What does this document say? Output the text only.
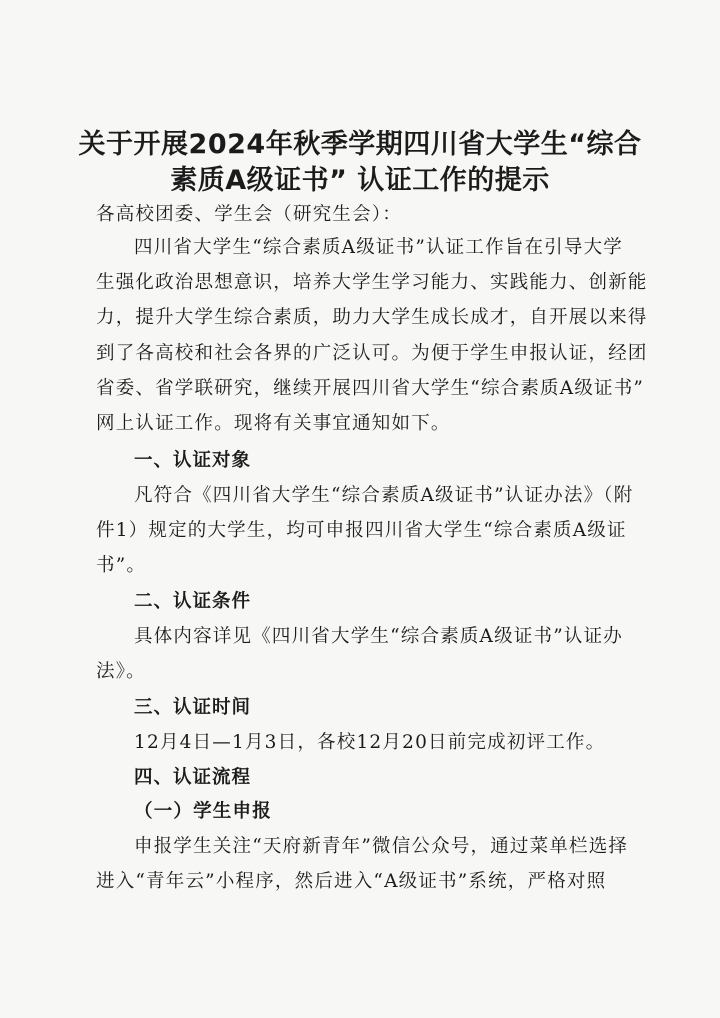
关于开展2024年秋季学期四川省大学生“综合
素质A级证书” 认证工作的提示
各高校团委、学生会（研究生会）：
四川省大学生“综合素质A级证书”认证工作旨在引导大学
生强化政治思想意识，培养大学生学习能力、实践能力、创新能
力，提升大学生综合素质，助力大学生成长成才，自开展以来得
到了各高校和社会各界的广泛认可。为便于学生申报认证，经团
省委、省学联研究，继续开展四川省大学生“综合素质A级证书”
网上认证工作。现将有关事宜通知如下。
一、认证对象
凡符合《四川省大学生“综合素质A级证书”认证办法》（附
件1）规定的大学生，均可申报四川省大学生“综合素质A级证
书”。
二、认证条件
具体内容详见《四川省大学生“综合素质A级证书”认证办
法》。
三、认证时间
12月4日—1月3日，各校12月20日前完成初评工作。
四、认证流程
（一）学生申报
申报学生关注“天府新青年”微信公众号，通过菜单栏选择
进入“青年云”小程序，然后进入“A级证书”系统，严格对照
